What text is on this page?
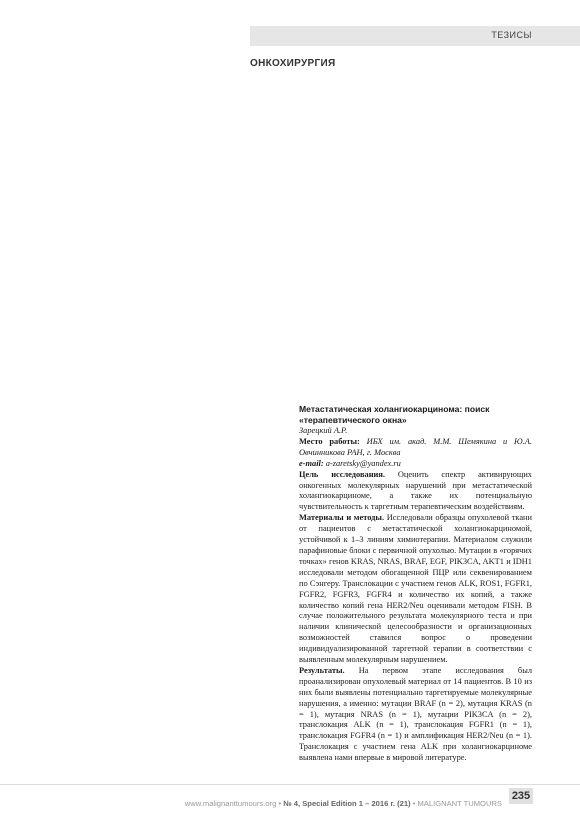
ТЕЗИСЫ
ОНКОХИРУРГИЯ

Метастатическая холангиокарцинома: поиск «терапевтического окна»

Зарецкий А.Р.

Место работы: ИБХ им. акад. М.М. Шемякина и Ю.А. Овчинникова РАН, г. Москва

e-mail: a-zaretsky@yandex.ru

Цель исследования. Оценить спектр активирующих онкогенных молекулярных нарушений при метастатической холангиокарциноме, а также их потенциальную чувствительность к таргетным терапевтическим воздействиям.

Материалы и методы. Исследовали образцы опухолевой ткани от пациентов с метастатической холангиокарциномой, устойчивой к 1–3 линиям химиотерапии. Материалом служили парафиновые блоки с первичной опухолью. Мутации в «горячих точках» генов KRAS, NRAS, BRAF, EGF, PIK3CA, AKT1 и IDH1 исследовали методом обогащенной ПЦР или секвенированием по Сэнгеру. Транслокации с участием генов ALK, ROS1, FGFR1, FGFR2, FGFR3, FGFR4 и количество их копий, а также количество копий гена HER2/Neu оценивали методом FISH. В случае положительного результата молекулярного теста и при наличии клинической целесообразности и организационных возможностей ставился вопрос о проведении индивидуализированной таргетной терапии в соответствии с выявленным молекулярным нарушением.

Результаты. На первом этапе исследования был проанализирован опухолевый материал от 14 пациентов. В 10 из них были выявлены потенциально таргетируемые молекулярные нарушения, а именно: мутации BRAF (n = 2), мутация KRAS (n = 1), мутация NRAS (n = 1), мутации PIK3CA (n = 2), транслокация ALK (n = 1), транслокация FGFR1 (n = 1), транслокация FGFR4 (n = 1) и амплификация HER2/Neu (n = 1). Транслокация с участием гена ALK при холангиокарциноме выявлена нами впервые в мировой литературе.

www.malignanttumours.org • № 4, Special Edition 1 – 2016 г. (21) • MALIGNANT TUMOURS
235
